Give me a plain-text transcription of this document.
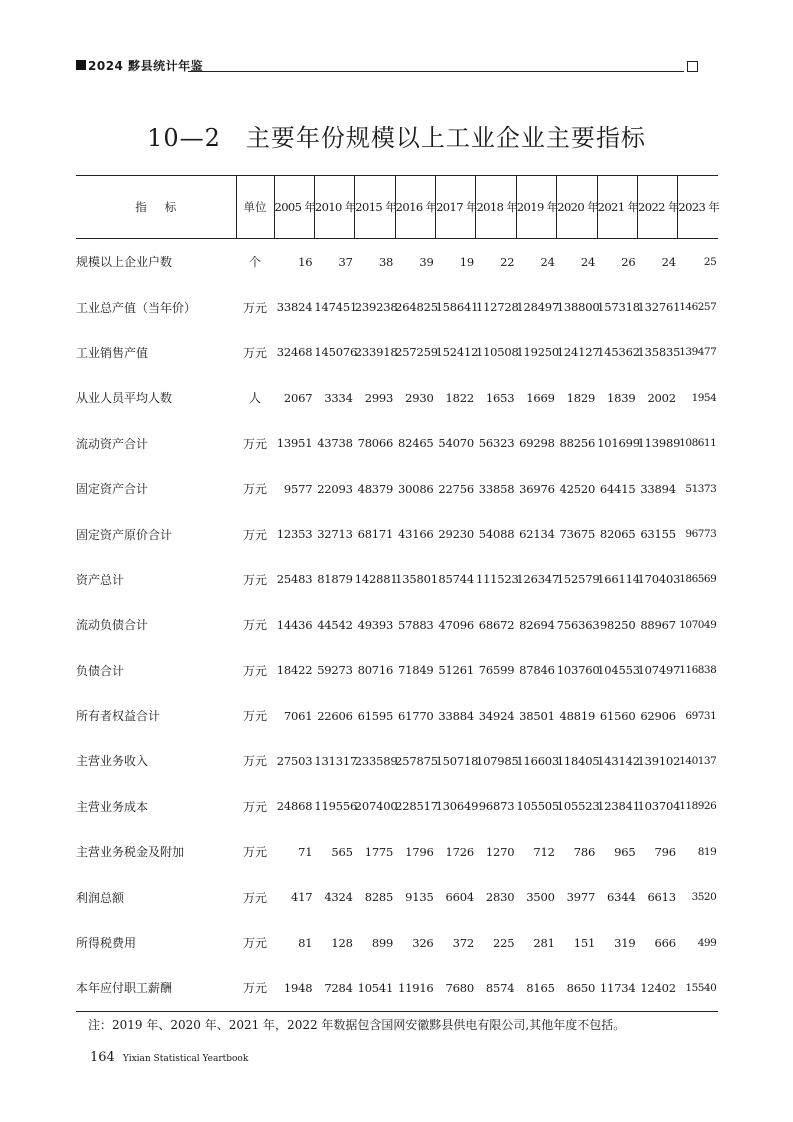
2024 黟县统计年鉴
10—2　主要年份规模以上工业企业主要指标
指标	单位	2005 年	2010 年	2015 年	2016 年	2017 年	2018 年	2019 年	2020 年	2021 年	2022 年	2023 年
规模以上企业户数	个	16	37	38	39	19	22	24	24	26	24	25
工业总产值（当年价）	万元	33824	147451	239238	264825	158641	112728	128497	138800	157318	132761	146257
工业销售产值	万元	32468	145076	233918	257259	152412	110508	119250	124127	145362	135835	139477
从业人员平均人数	人	2067	3334	2993	2930	1822	1653	1669	1829	1839	2002	1954
流动资产合计	万元	13951	43738	78066	82465	54070	56323	69298	88256	101699	113989	108611
固定资产合计	万元	9577	22093	48379	30086	22756	33858	36976	42520	64415	33894	51373
固定资产原价合计	万元	12353	32713	68171	43166	29230	54088	62134	73675	82065	63155	96773
资产总计	万元	25483	81879	142881	135801	85744	111523	126347	152579	166114	170403	186569
流动负债合计	万元	14436	44542	49393	57883	47096	68672	82694	756363	98250	88967	107049
负债合计	万元	18422	59273	80716	71849	51261	76599	87846	103760	104553	107497	116838
所有者权益合计	万元	7061	22606	61595	61770	33884	34924	38501	48819	61560	62906	69731
主营业务收入	万元	27503	131317	233589	257875	150718	107985	116603	118405	143142	139102	140137
主营业务成本	万元	24868	119556	207400	228517	130649	96873	105505	105523	123841	103704	118926
主营业务税金及附加	万元	71	565	1775	1796	1726	1270	712	786	965	796	819
利润总额	万元	417	4324	8285	9135	6604	2830	3500	3977	6344	6613	3520
所得税费用	万元	81	128	899	326	372	225	281	151	319	666	499
本年应付职工薪酬	万元	1948	7284	10541	11916	7680	8574	8165	8650	11734	12402	15540
注：2019 年、2020 年、2021 年，2022 年数据包含国网安徽黟县供电有限公司,其他年度不包括。
164 Yixian Statistical Yeartbook
